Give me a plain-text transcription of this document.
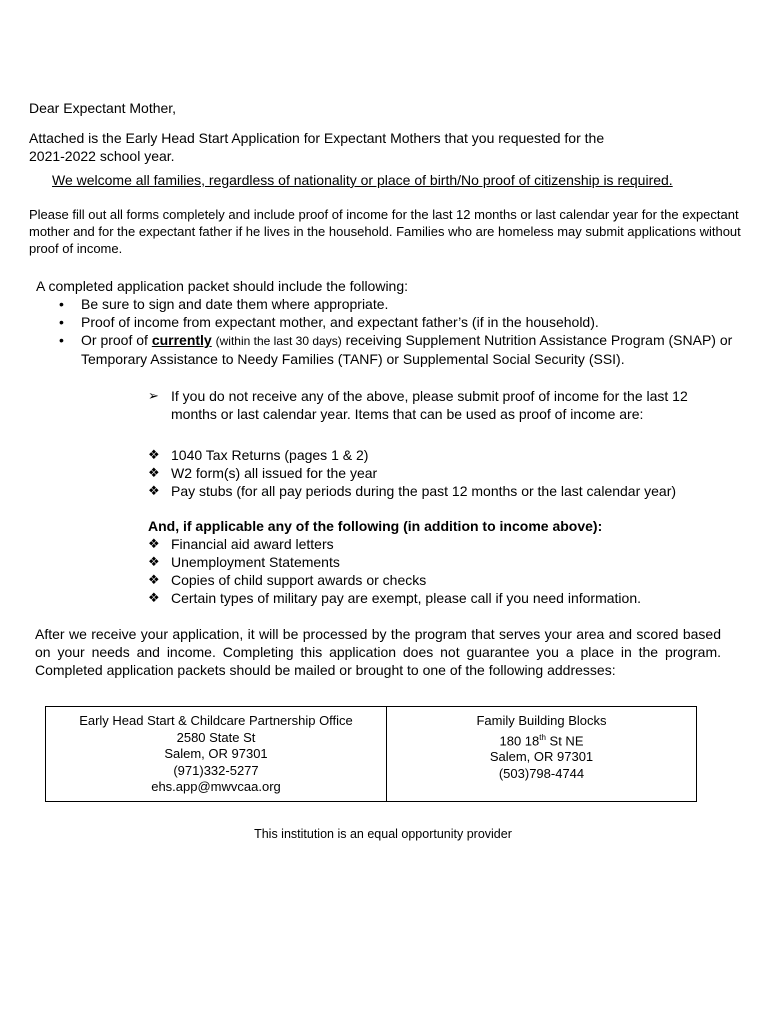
Dear Expectant Mother,

Attached is the Early Head Start Application for Expectant Mothers that you requested for the
2021-2022 school year.

We welcome all families, regardless of nationality or place of birth/No proof of citizenship is required.

Please fill out all forms completely and include proof of income for the last 12 months or last calendar year for the expectant mother and for the expectant father if he lives in the household. Families who are homeless may submit applications without proof of income.

A completed application packet should include the following:

• Be sure to sign and date them where appropriate.
• Proof of income from expectant mother, and expectant father’s (if in the household).
• Or proof of currently (within the last 30 days) receiving Supplement Nutrition Assistance Program (SNAP) or Temporary Assistance to Needy Families (TANF) or Supplemental Social Security (SSI).
➢ If you do not receive any of the above, please submit proof of income for the last 12 months or last calendar year. Items that can be used as proof of income are:
❖ 1040 Tax Returns (pages 1 & 2)
❖ W2 form(s) all issued for the year
❖ Pay stubs (for all pay periods during the past 12 months or the last calendar year)

And, if applicable any of the following (in addition to income above):

❖ Financial aid award letters
❖ Unemployment Statements
❖ Copies of child support awards or checks
❖ Certain types of military pay are exempt, please call if you need information.

After we receive your application, it will be processed by the program that serves your area and scored based on your needs and income. Completing this application does not guarantee you a place in the program. Completed application packets should be mailed or brought to one of the following addresses:

Early Head Start & Childcare Partnership Office
2580 State St
Salem, OR 97301
(971)332-5277
ehs.app@mwvcaa.org

Family Building Blocks
180 18th St NE
Salem, OR 97301
(503)798-4744

This institution is an equal opportunity provider
